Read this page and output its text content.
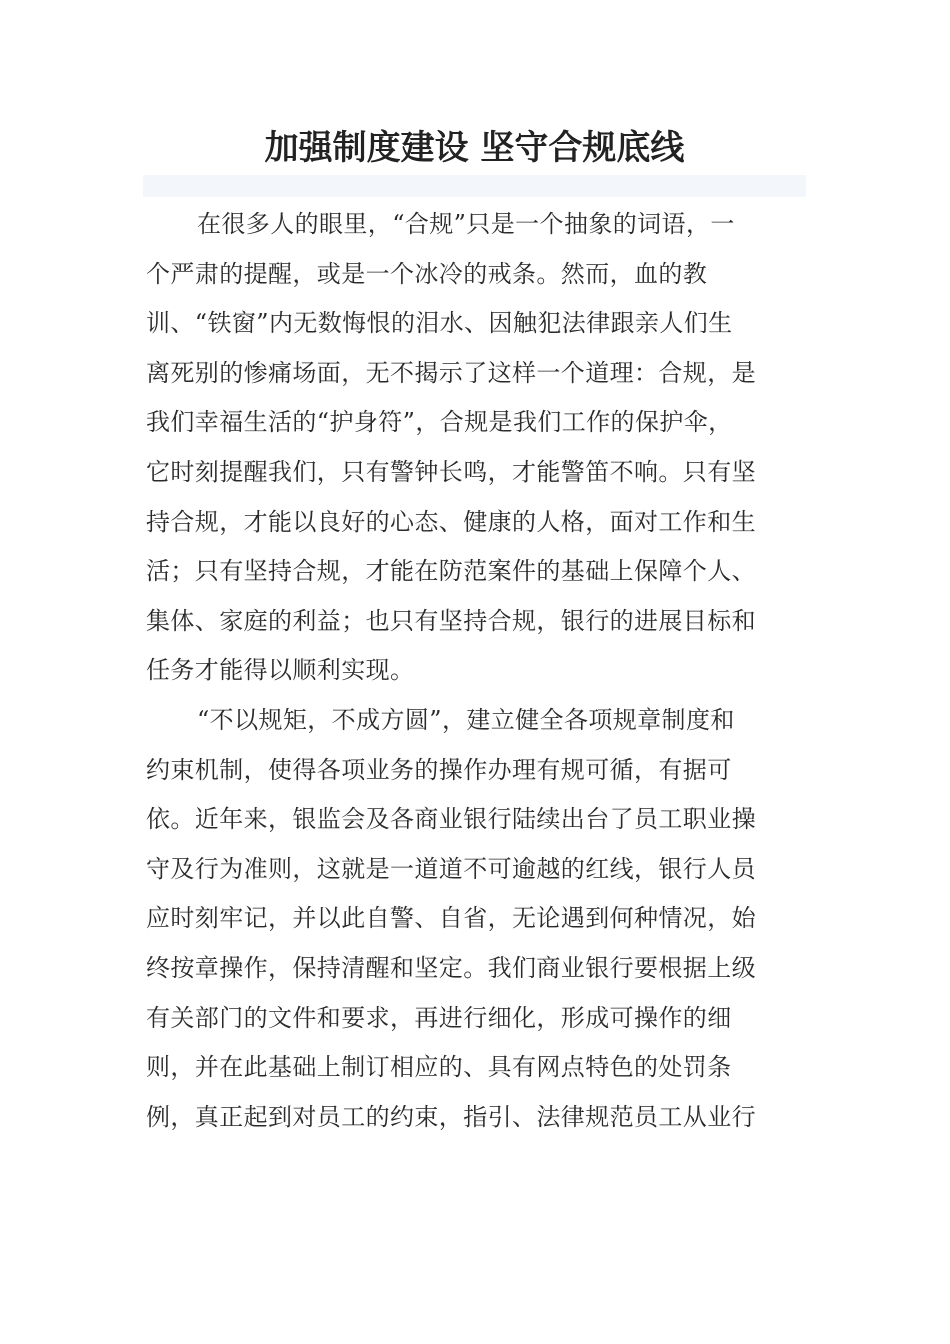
加强制度建设 坚守合规底线
在很多人的眼里，“合规”只是一个抽象的词语，一
个严肃的提醒，或是一个冰冷的戒条。然而，血的教
训、“铁窗”内无数悔恨的泪水、因触犯法律跟亲人们生
离死别的惨痛场面，无不揭示了这样一个道理：合规，是
我们幸福生活的“护身符”，合规是我们工作的保护伞，
它时刻提醒我们，只有警钟长鸣，才能警笛不响。只有坚
持合规，才能以良好的心态、健康的人格，面对工作和生
活；只有坚持合规，才能在防范案件的基础上保障个人、
集体、家庭的利益；也只有坚持合规，银行的进展目标和
任务才能得以顺利实现。
“不以规矩，不成方圆”，建立健全各项规章制度和
约束机制，使得各项业务的操作办理有规可循，有据可
依。近年来，银监会及各商业银行陆续出台了员工职业操
守及行为准则，这就是一道道不可逾越的红线，银行人员
应时刻牢记，并以此自警、自省，无论遇到何种情况，始
终按章操作，保持清醒和坚定。我们商业银行要根据上级
有关部门的文件和要求，再进行细化，形成可操作的细
则，并在此基础上制订相应的、具有网点特色的处罚条
例，真正起到对员工的约束，指引、法律规范员工从业行
